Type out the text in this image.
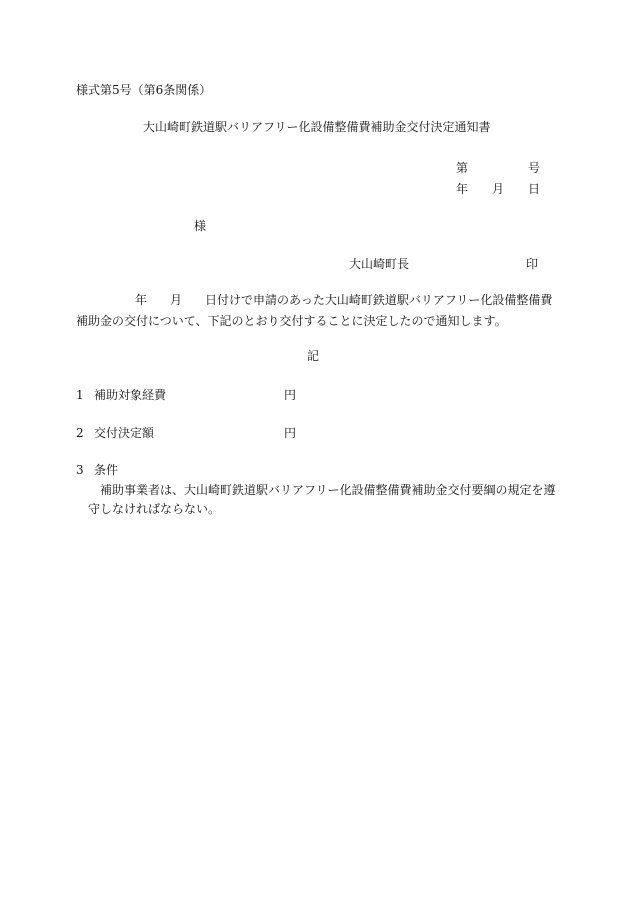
様式第5号（第6条関係）
大山崎町鉄道駅バリアフリー化設備整備費補助金交付決定通知書
第	号
年 月 日
様
大山崎町長	印
年 月 日付けで申請のあった大山崎町鉄道駅バリアフリー化設備整備費
補助金の交付について、下記のとおり交付することに決定したので通知します。
記
1 補助対象経費	円
2 交付決定額	円
3 条件
補助事業者は、大山崎町鉄道駅バリアフリー化設備整備費補助金交付要綱の規定を遵
守しなければならない。
